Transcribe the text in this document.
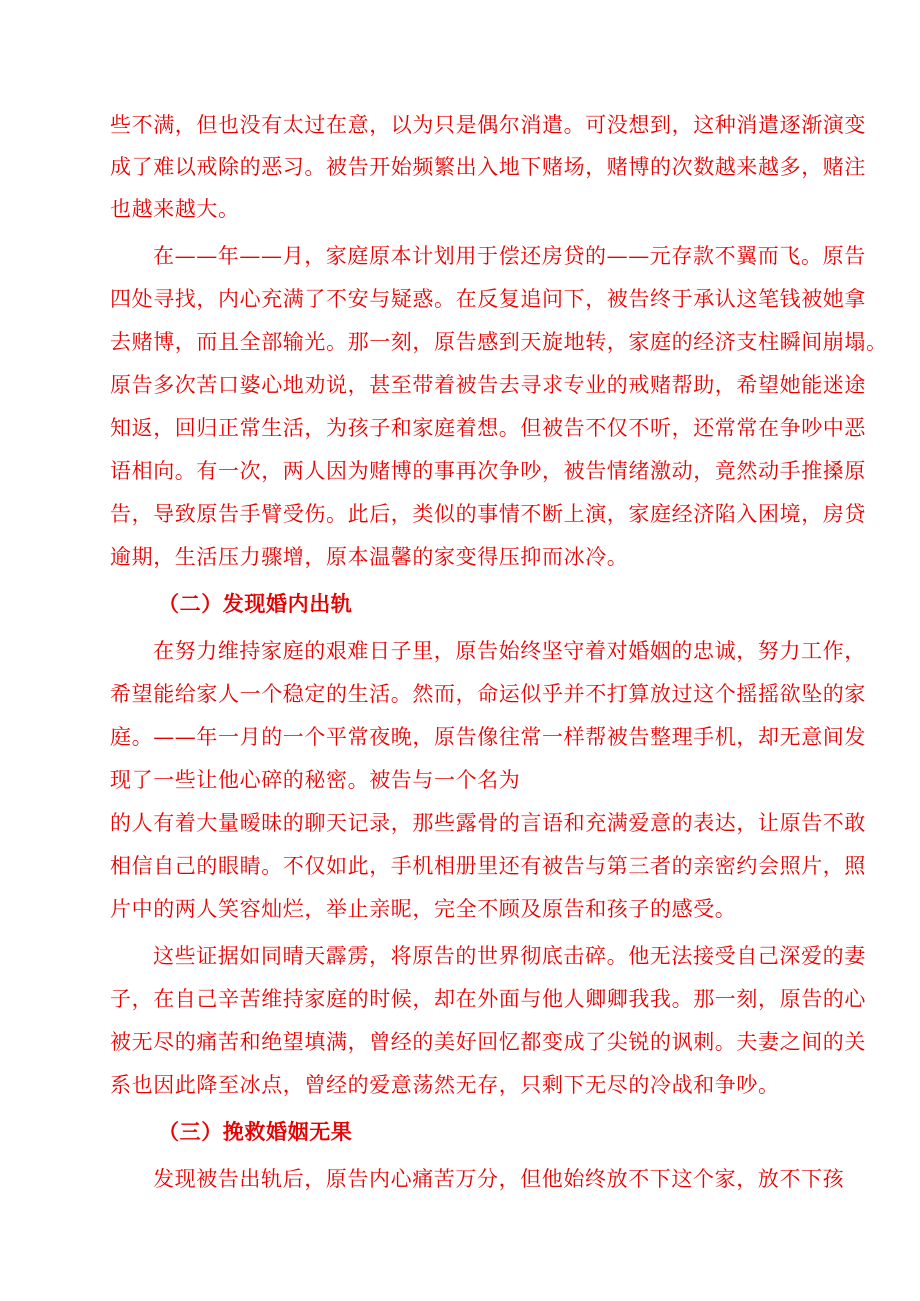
些不满，但也没有太过在意，以为只是偶尔消遣。可没想到，这种消遣逐渐演变
成了难以戒除的恶习。被告开始频繁出入地下赌场，赌博的次数越来越多，赌注
也越来越大。
在——年——月，家庭原本计划用于偿还房贷的——元存款不翼而飞。原告
四处寻找，内心充满了不安与疑惑。在反复追问下，被告终于承认这笔钱被她拿
去赌博，而且全部输光。那一刻，原告感到天旋地转，家庭的经济支柱瞬间崩塌。
原告多次苦口婆心地劝说，甚至带着被告去寻求专业的戒赌帮助，希望她能迷途
知返，回归正常生活，为孩子和家庭着想。但被告不仅不听，还常常在争吵中恶
语相向。有一次，两人因为赌博的事再次争吵，被告情绪激动，竟然动手推搡原
告，导致原告手臂受伤。此后，类似的事情不断上演，家庭经济陷入困境，房贷
逾期，生活压力骤增，原本温馨的家变得压抑而冰冷。
（二）发现婚内出轨
在努力维持家庭的艰难日子里，原告始终坚守着对婚姻的忠诚，努力工作，
希望能给家人一个稳定的生活。然而，命运似乎并不打算放过这个摇摇欲坠的家
庭。——年一月的一个平常夜晚，原告像往常一样帮被告整理手机，却无意间发
现了一些让他心碎的秘密。被告与一个名为
的人有着大量暧昧的聊天记录，那些露骨的言语和充满爱意的表达，让原告不敢
相信自己的眼睛。不仅如此，手机相册里还有被告与第三者的亲密约会照片，照
片中的两人笑容灿烂，举止亲昵，完全不顾及原告和孩子的感受。
这些证据如同晴天霹雳，将原告的世界彻底击碎。他无法接受自己深爱的妻
子，在自己辛苦维持家庭的时候，却在外面与他人卿卿我我。那一刻，原告的心
被无尽的痛苦和绝望填满，曾经的美好回忆都变成了尖锐的讽刺。夫妻之间的关
系也因此降至冰点，曾经的爱意荡然无存，只剩下无尽的冷战和争吵。
（三）挽救婚姻无果
发现被告出轨后，原告内心痛苦万分，但他始终放不下这个家，放不下孩
